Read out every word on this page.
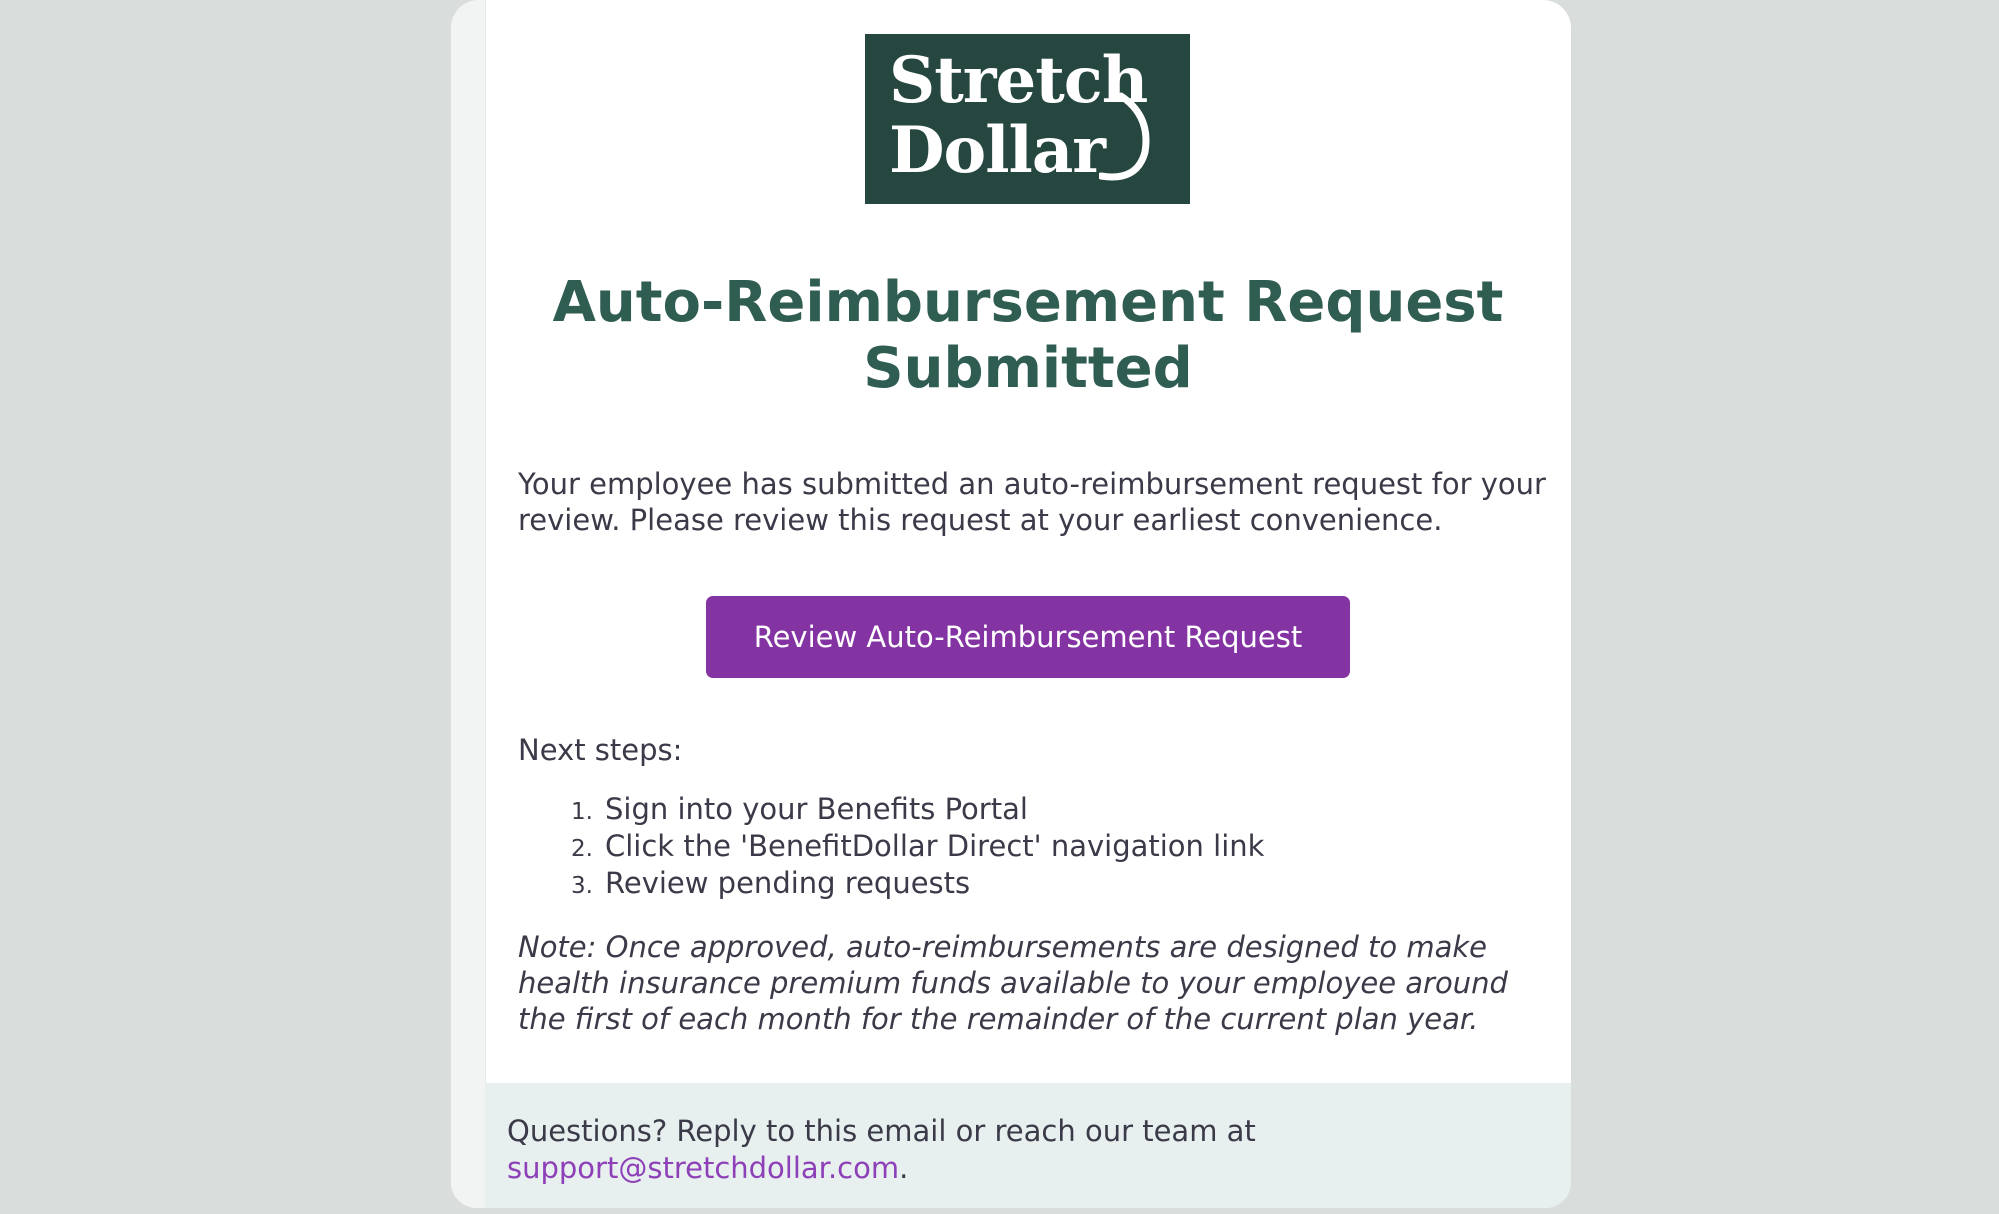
Stretch
Dollar
Auto-Reimbursement Request Submitted
Your employee has submitted an auto-reimbursement request for your review. Please review this request at your earliest convenience.
Review Auto-Reimbursement Request
Next steps:
1. Sign into your Benefits Portal
2. Click the 'BenefitDollar Direct' navigation link
3. Review pending requests
Note: Once approved, auto-reimbursements are designed to make health insurance premium funds available to your employee around the first of each month for the remainder of the current plan year.
Questions? Reply to this email or reach our team at
support@stretchdollar.com.
